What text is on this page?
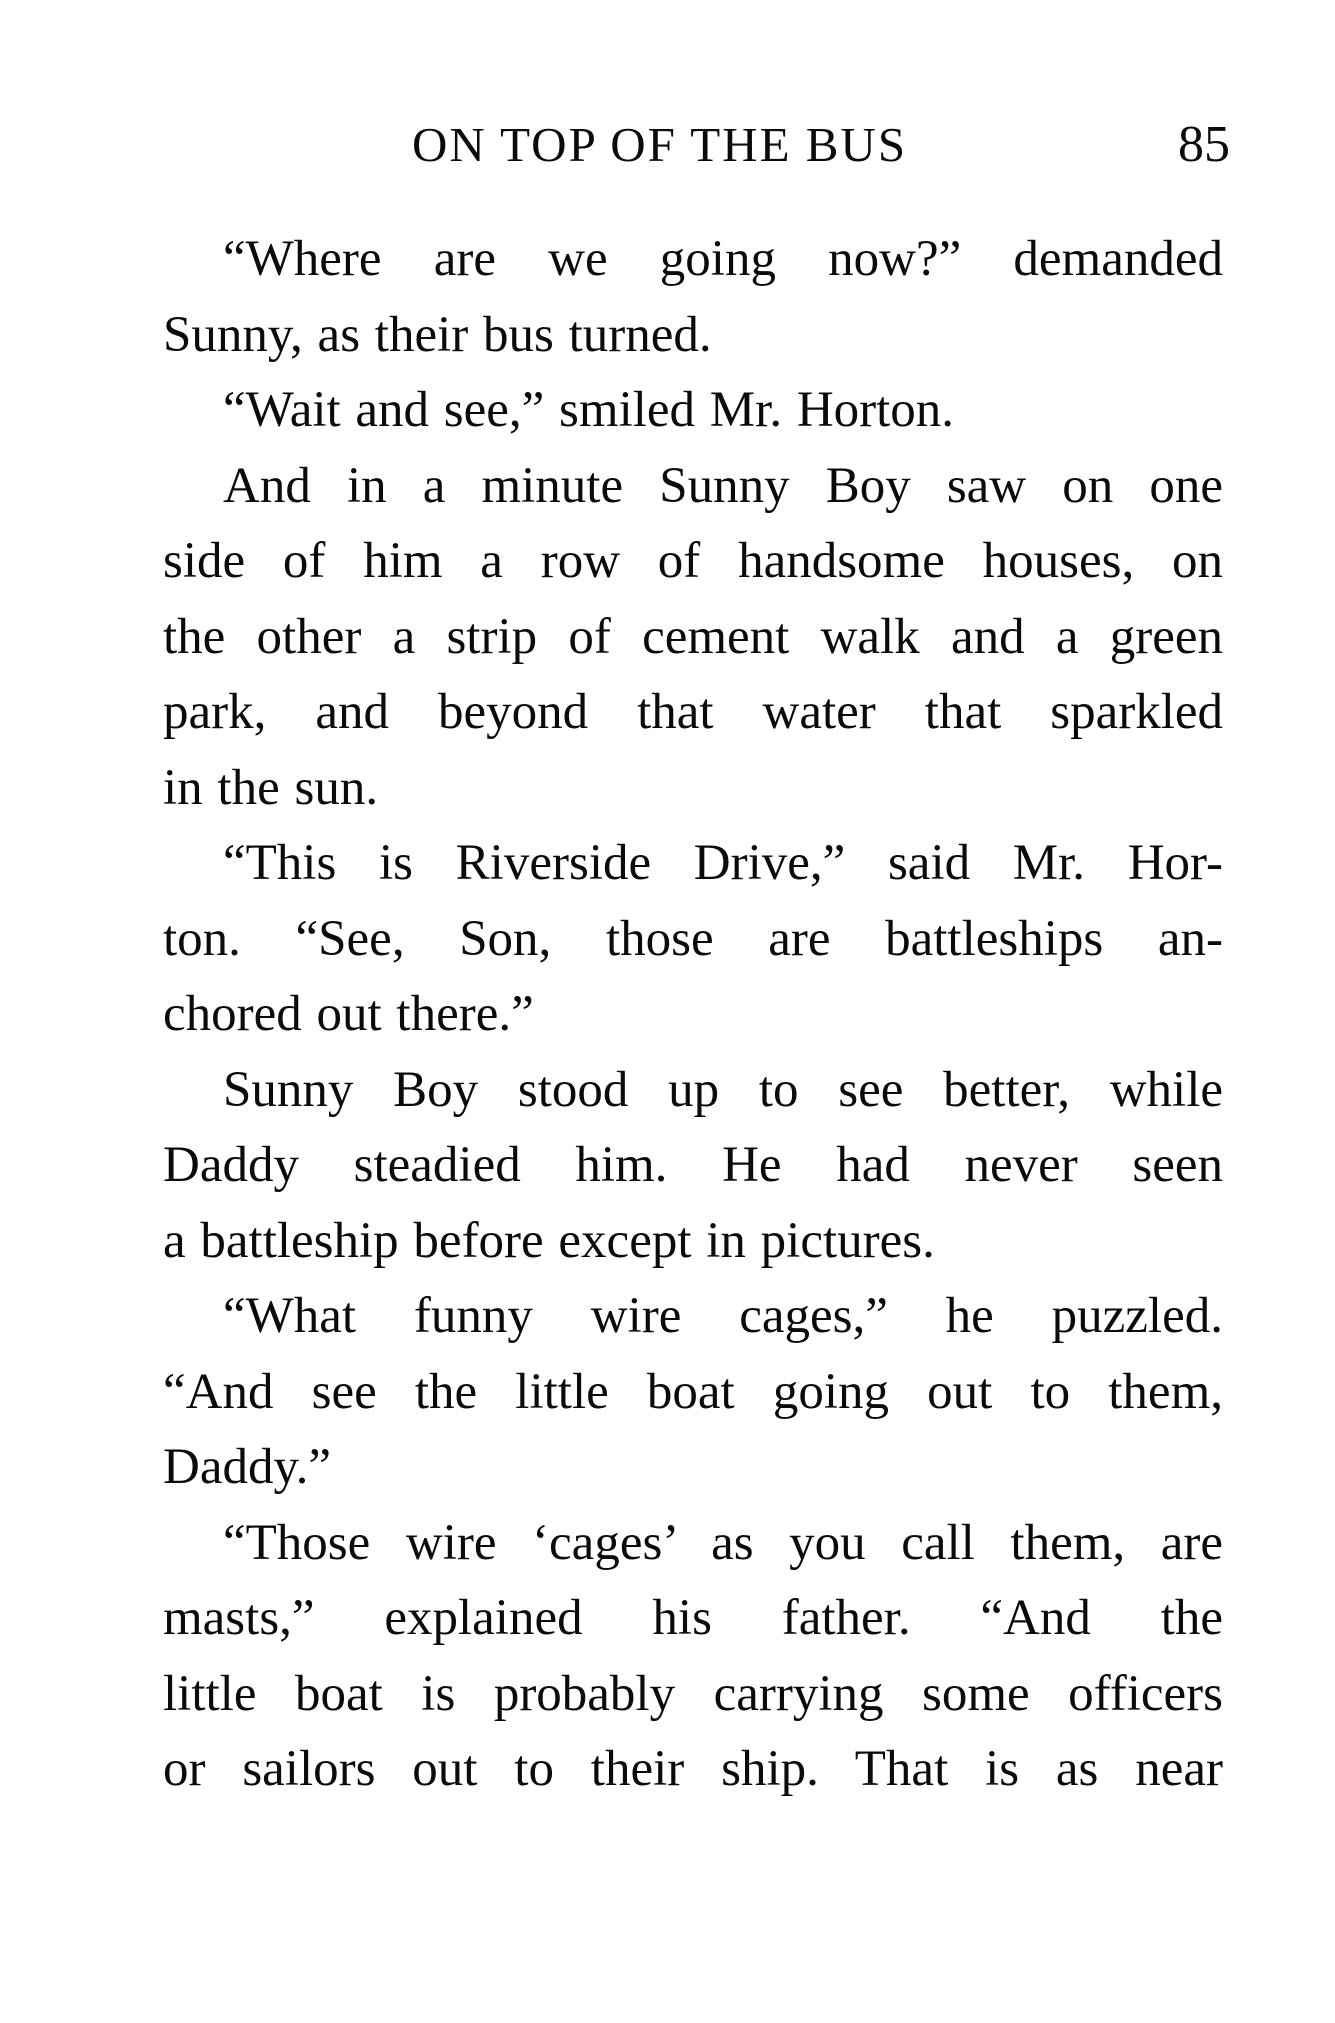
ON TOP OF THE BUS	85
“Where are we going now?” demanded
Sunny, as their bus turned.
“Wait and see,” smiled Mr. Horton.
And in a minute Sunny Boy saw on one
side of him a row of handsome houses, on
the other a strip of cement walk and a green
park, and beyond that water that sparkled
in the sun.
“This is Riverside Drive,” said Mr. Hor-
ton. “See, Son, those are battleships an-
chored out there.”
Sunny Boy stood up to see better, while
Daddy steadied him. He had never seen
a battleship before except in pictures.
“What funny wire cages,” he puzzled.
“And see the little boat going out to them,
Daddy.”
“Those wire ‘cages’ as you call them, are
masts,” explained his father. “And the
little boat is probably carrying some officers
or sailors out to their ship. That is as near
